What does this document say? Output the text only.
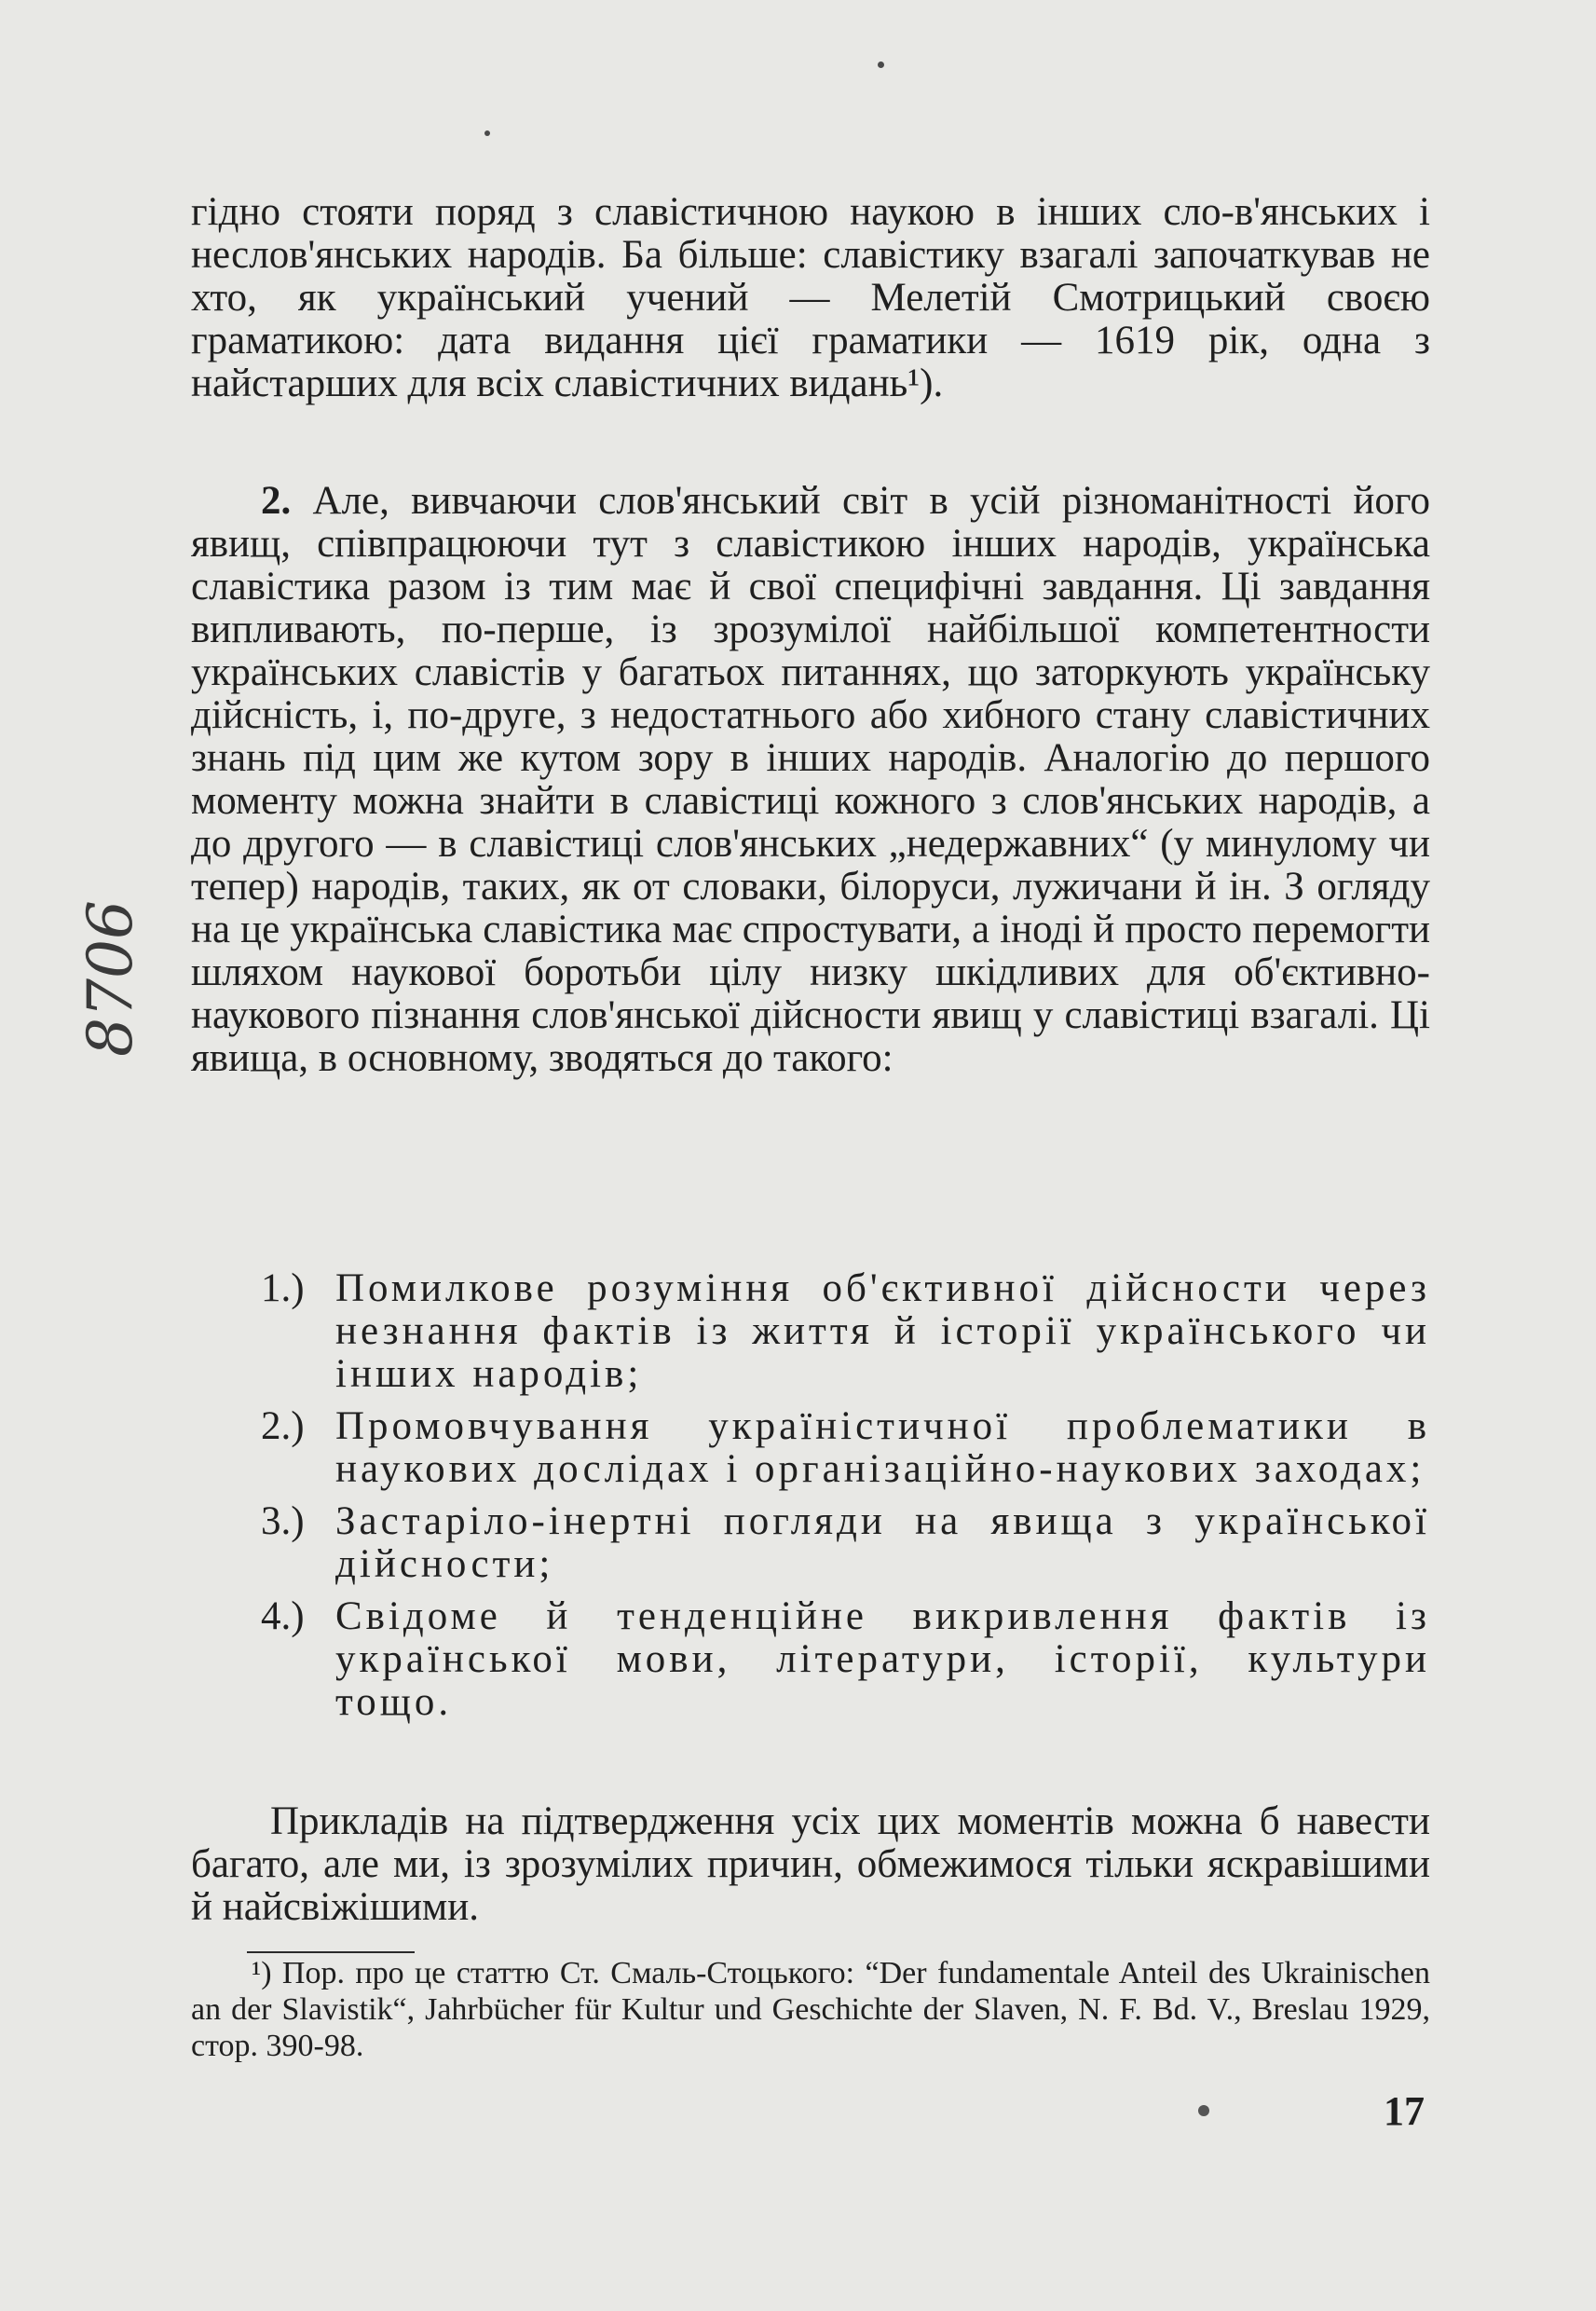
8706

гідно стояти поряд з славістичною наукою в інших сло-в'янських і неслов'янських народів. Ба більше: славістику взагалі започаткував не хто, як український учений — Мелетій Смотрицький своєю граматикою: дата видання цієї граматики — 1619 рік, одна з найстарших для всіх славістичних видань¹).

2. Але, вивчаючи слов'янський світ в усій різноманітності його явищ, співпрацюючи тут з славістикою інших народів, українська славістика разом із тим має й свої специфічні завдання. Ці завдання випливають, по-перше, із зрозумілої найбільшої компетентности українських славістів у багатьох питаннях, що заторкують українську дійсність, і, по-друге, з недостатнього або хибного стану славістичних знань під цим же кутом зору в інших народів. Аналогію до першого моменту можна знайти в славістиці кожного з слов'янських народів, а до другого — в славістиці слов'янських „недержавних“ (у минулому чи тепер) народів, таких, як от словаки, білоруси, лужичани й ін. З огляду на це українська славістика має спростувати, а іноді й просто перемогти шляхом наукової боротьби цілу низку шкідливих для об'єктивно-наукового пізнання слов'янської дійсности явищ у славістиці взагалі. Ці явища, в основному, зводяться до такого:

1.) Помилкове розуміння об'єктивної дійсности через незнання фактів із життя й історії українського чи інших народів;
2.) Промовчування україністичної проблематики в наукових дослідах і організаційно-наукових заходах;
3.) Застаріло-інертні погляди на явища з української дійсности;
4.) Свідоме й тенденційне викривлення фактів із української мови, літератури, історії, культури тощо.

Прикладів на підтвердження усіх цих моментів можна б навести багато, але ми, із зрозумілих причин, обмежимося тільки яскравішими й найсвіжішими.

¹) Пор. про це статтю Ст. Смаль-Стоцького: “Der fundamentale Anteil des Ukrainischen an der Slavistik“, Jahrbücher für Kultur und Geschichte der Slaven, N. F. Bd. V., Breslau 1929, стор. 390-98.

17
